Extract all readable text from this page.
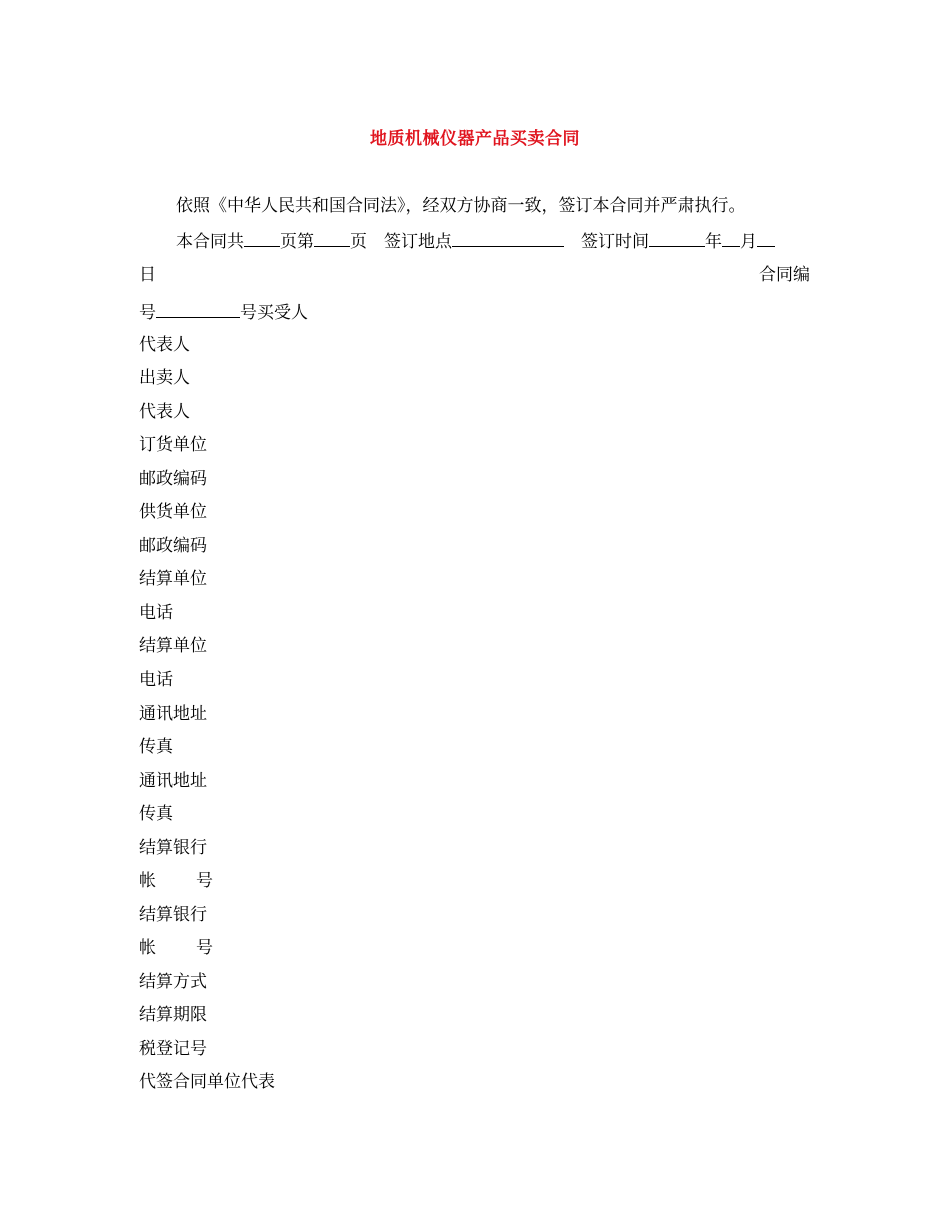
地质机械仪器产品买卖合同
依照《中华人民共和国合同法》，经双方协商一致，签订本合同并严肃执行。
本合同共 页第 页　签订地点	　签订时间	年 月
日	合同编
号	号买受人
代表人
出卖人
代表人
订货单位
邮政编码
供货单位
邮政编码
结算单位
电话
结算单位
电话
通讯地址
传真
通讯地址
传真
结算银行
帐　　号
结算银行
帐　　号
结算方式
结算期限
税登记号
代签合同单位代表
